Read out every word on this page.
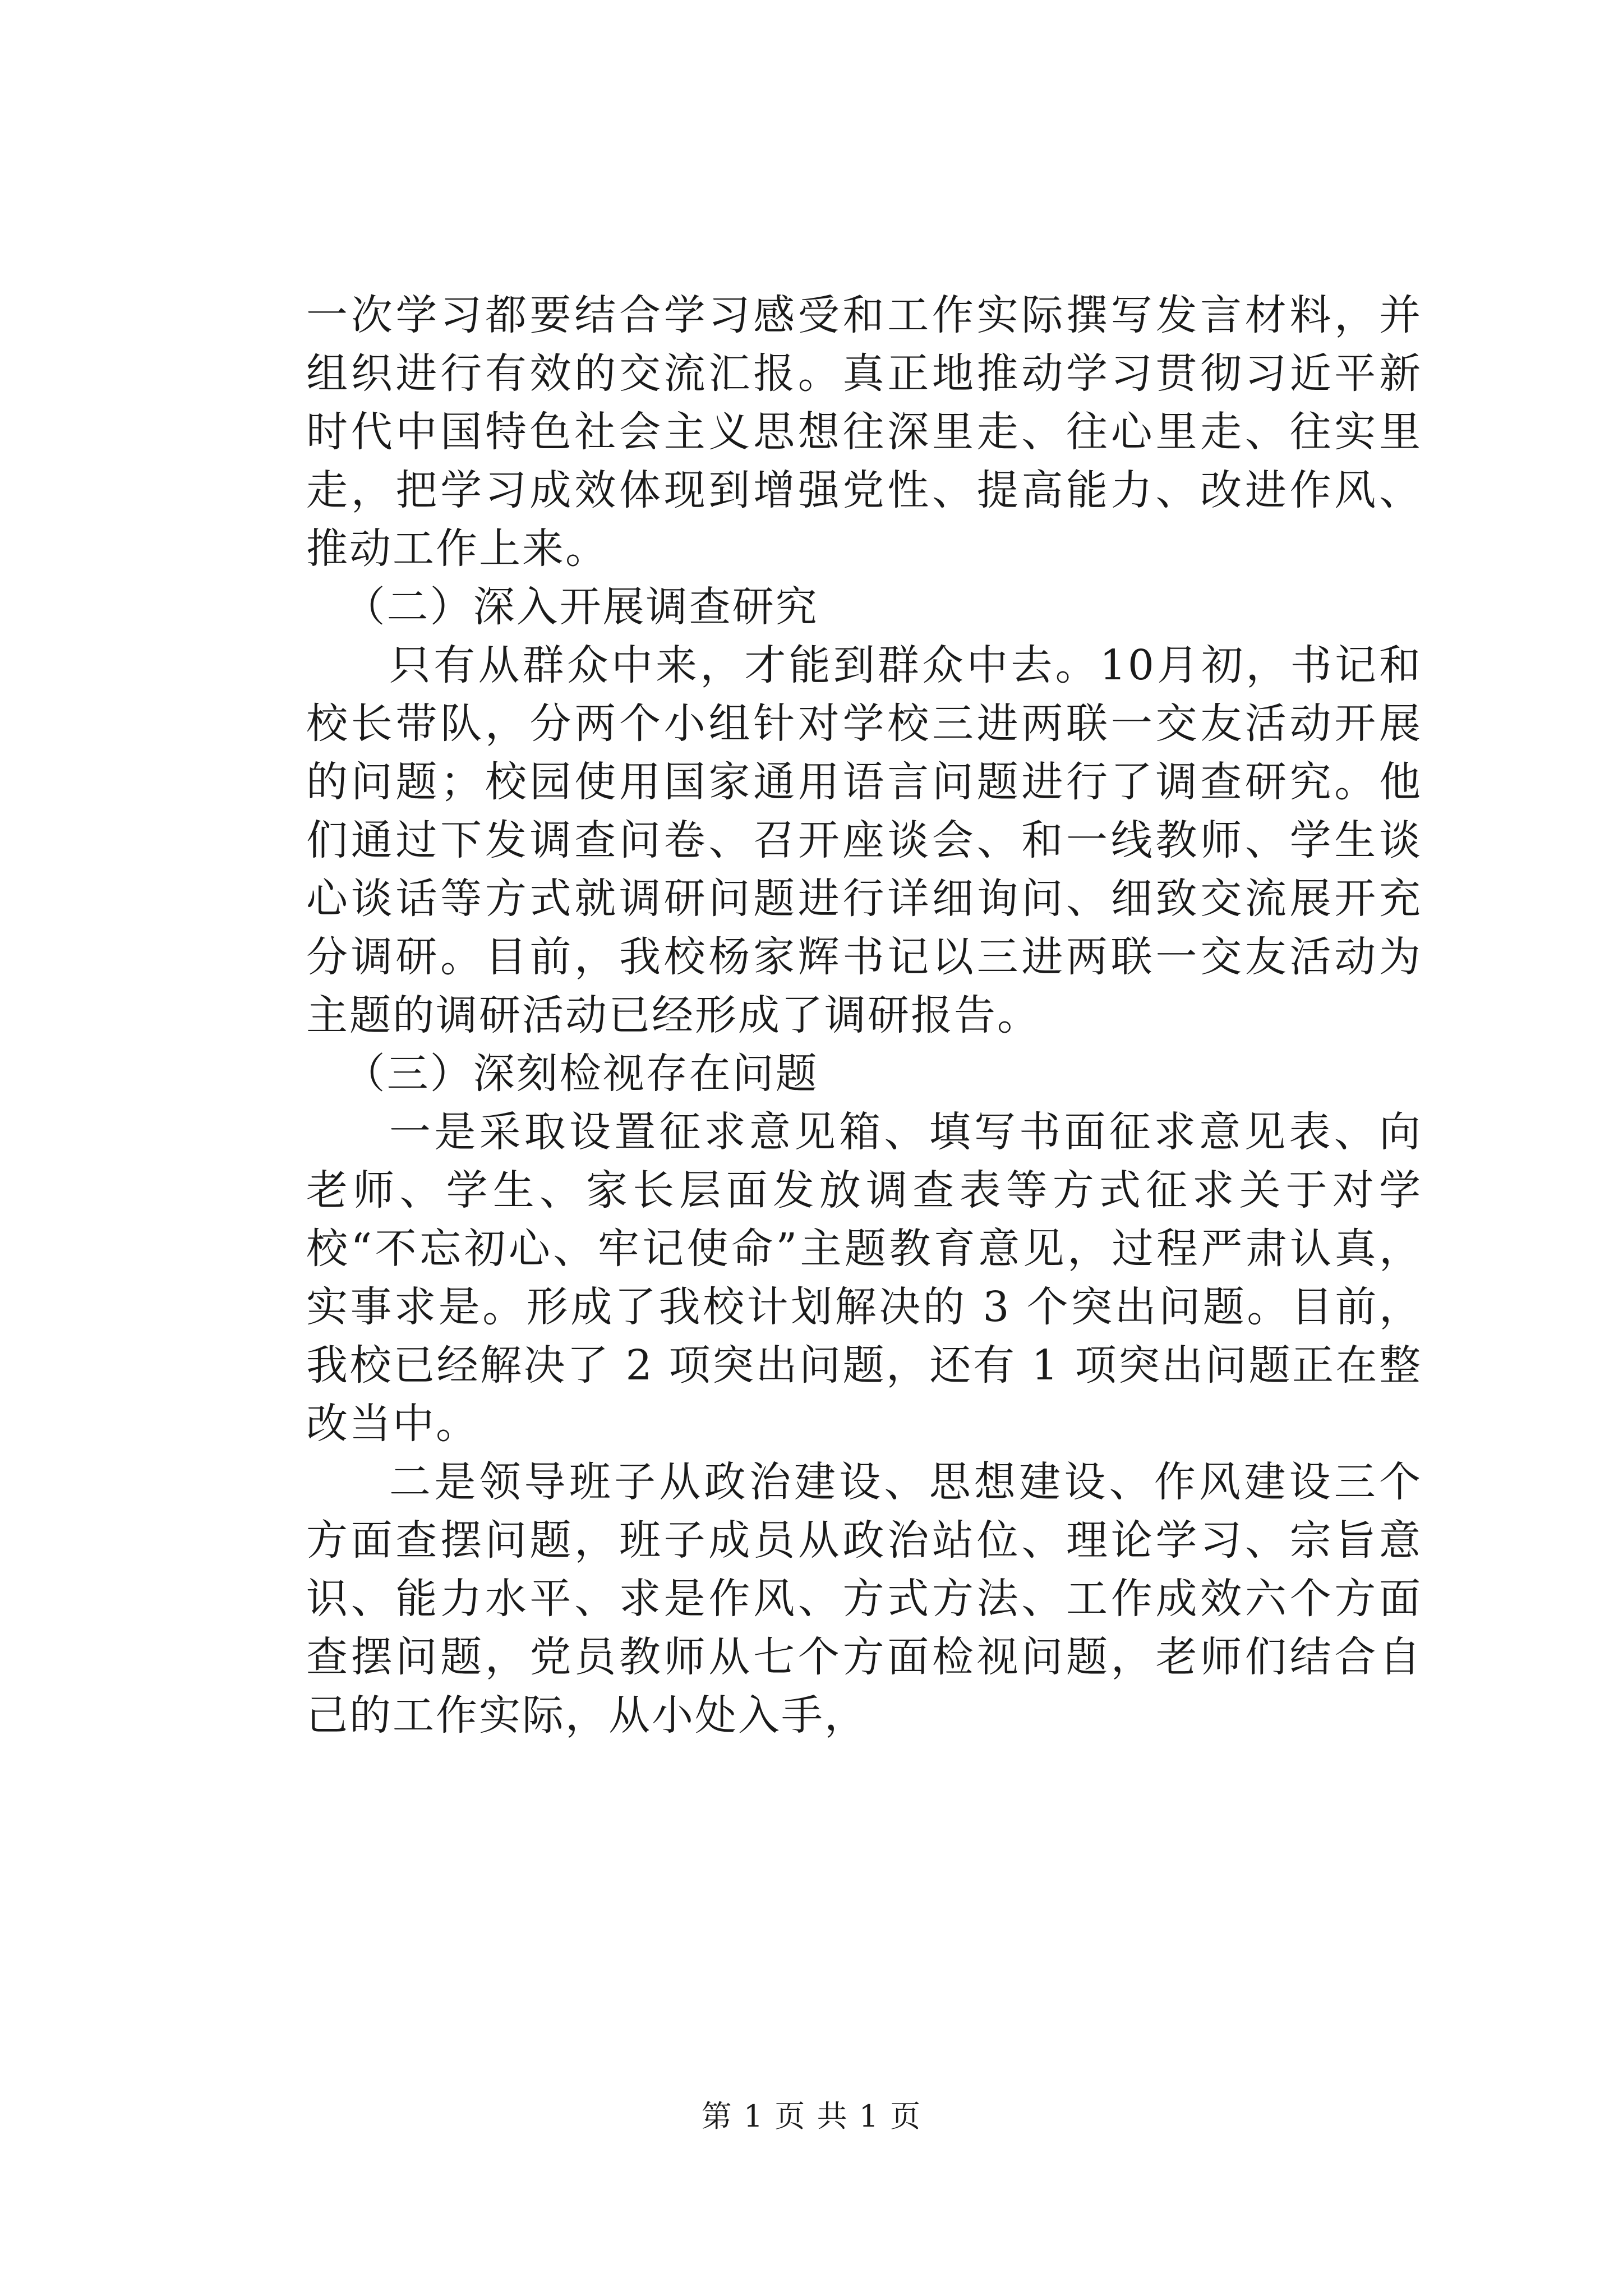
一次学习都要结合学习感受和工作实际撰写发言材料，并组织进行有效的交流汇报。真正地推动学习贯彻习近平新时代中国特色社会主义思想往深里走、往心里走、往实里走，把学习成效体现到增强党性、提高能力、改进作风、推动工作上来。

（二）深入开展调查研究

只有从群众中来，才能到群众中去。10月初，书记和校长带队，分两个小组针对学校三进两联一交友活动开展的问题；校园使用国家通用语言问题进行了调查研究。他们通过下发调查问卷、召开座谈会、和一线教师、学生谈心谈话等方式就调研问题进行详细询问、细致交流展开充分调研。目前，我校杨家辉书记以三进两联一交友活动为主题的调研活动已经形成了调研报告。

（三）深刻检视存在问题

一是采取设置征求意见箱、填写书面征求意见表、向老师、学生、家长层面发放调查表等方式征求关于对学校“不忘初心、牢记使命”主题教育意见，过程严肃认真，实事求是。形成了我校计划解决的 3 个突出问题。目前，我校已经解决了 2 项突出问题，还有 1 项突出问题正在整改当中。

二是领导班子从政治建设、思想建设、作风建设三个方面查摆问题，班子成员从政治站位、理论学习、宗旨意识、能力水平、求是作风、方式方法、工作成效六个方面查摆问题，党员教师从七个方面检视问题，老师们结合自己的工作实际，从小处入手，

第 1 页 共 1 页
